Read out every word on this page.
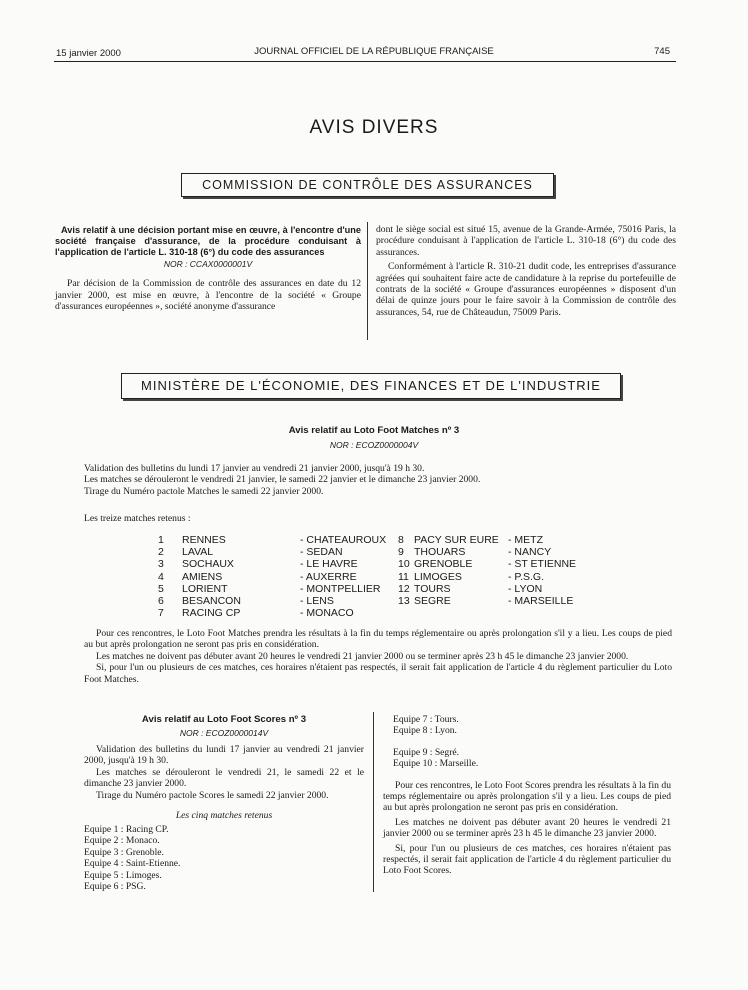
15 janvier 2000	JOURNAL OFFICIEL DE LA RÉPUBLIQUE FRANÇAISE	745
AVIS DIVERS
COMMISSION DE CONTRÔLE DES ASSURANCES

Avis relatif à une décision portant mise en œuvre, à l'encontre d'une société française d'assurance, de la procédure conduisant à l'application de l'article L. 310-18 (6°) du code des assurances

NOR : CCAX0000001V

Par décision de la Commission de contrôle des assurances en date du 12 janvier 2000, est mise en œuvre, à l'encontre de la société « Groupe d'assurances européennes », société anonyme d'assurance

dont le siège social est situé 15, avenue de la Grande-Armée, 75016 Paris, la procédure conduisant à l'application de l'article L. 310-18 (6°) du code des assurances.

Conformément à l'article R. 310-21 dudit code, les entreprises d'assurance agréées qui souhaitent faire acte de candidature à la reprise du portefeuille de contrats de la société « Groupe d'assurances européennes » disposent d'un délai de quinze jours pour le faire savoir à la Commission de contrôle des assurances, 54, rue de Châteaudun, 75009 Paris.

MINISTÈRE DE L'ÉCONOMIE, DES FINANCES ET DE L'INDUSTRIE
Avis relatif au Loto Foot Matches nº 3
NOR : ECOZ0000004V

Validation des bulletins du lundi 17 janvier au vendredi 21 janvier 2000, jusqu'à 19 h 30.

Les matches se dérouleront le vendredi 21 janvier, le samedi 22 janvier et le dimanche 23 janvier 2000.

Tirage du Numéro pactole Matches le samedi 22 janvier 2000.

Les treize matches retenus :
1 RENNES	- CHATEAUROUX
2 LAVAL	- SEDAN
3 SOCHAUX	- LE HAVRE
4 AMIENS	- AUXERRE
5 LORIENT	- MONTPELLIER
6 BESANCON	- LENS
7 RACING CP	- MONACO
8 PACY SUR EURE - METZ
9 THOUARS	- NANCY
10 GRENOBLE	- ST ETIENNE
11 LIMOGES	- P.S.G.
12 TOURS	- LYON
13 SEGRE	- MARSEILLE

Pour ces rencontres, le Loto Foot Matches prendra les résultats à la fin du temps réglementaire ou après prolongation s'il y a lieu. Les coups de pied au but après prolongation ne seront pas pris en considération.

Les matches ne doivent pas débuter avant 20 heures le vendredi 21 janvier 2000 ou se terminer après 23 h 45 le dimanche 23 janvier 2000.

Si, pour l'un ou plusieurs de ces matches, ces horaires n'étaient pas respectés, il serait fait application de l'article 4 du règlement particulier du Loto Foot Matches.

Avis relatif au Loto Foot Scores nº 3

NOR : ECOZ0000014V

Validation des bulletins du lundi 17 janvier au vendredi 21 janvier 2000, jusqu'à 19 h 30.

Les matches se dérouleront le vendredi 21, le samedi 22 et le dimanche 23 janvier 2000.

Tirage du Numéro pactole Scores le samedi 22 janvier 2000.

Les cinq matches retenus

Equipe 1 : Racing CP.

Equipe 2 : Monaco.

Equipe 3 : Grenoble.

Equipe 4 : Saint-Etienne.

Equipe 5 : Limoges.

Equipe 6 : PSG.

Equipe 7 : Tours.

Equipe 8 : Lyon.

Equipe 9 : Segré.

Equipe 10 : Marseille.

Pour ces rencontres, le Loto Foot Scores prendra les résultats à la fin du temps réglementaire ou après prolongation s'il y a lieu. Les coups de pied au but après prolongation ne seront pas pris en considération.

Les matches ne doivent pas débuter avant 20 heures le vendredi 21 janvier 2000 ou se terminer après 23 h 45 le dimanche 23 janvier 2000.

Si, pour l'un ou plusieurs de ces matches, ces horaires n'étaient pas respectés, il serait fait application de l'article 4 du règlement particulier du Loto Foot Scores.
